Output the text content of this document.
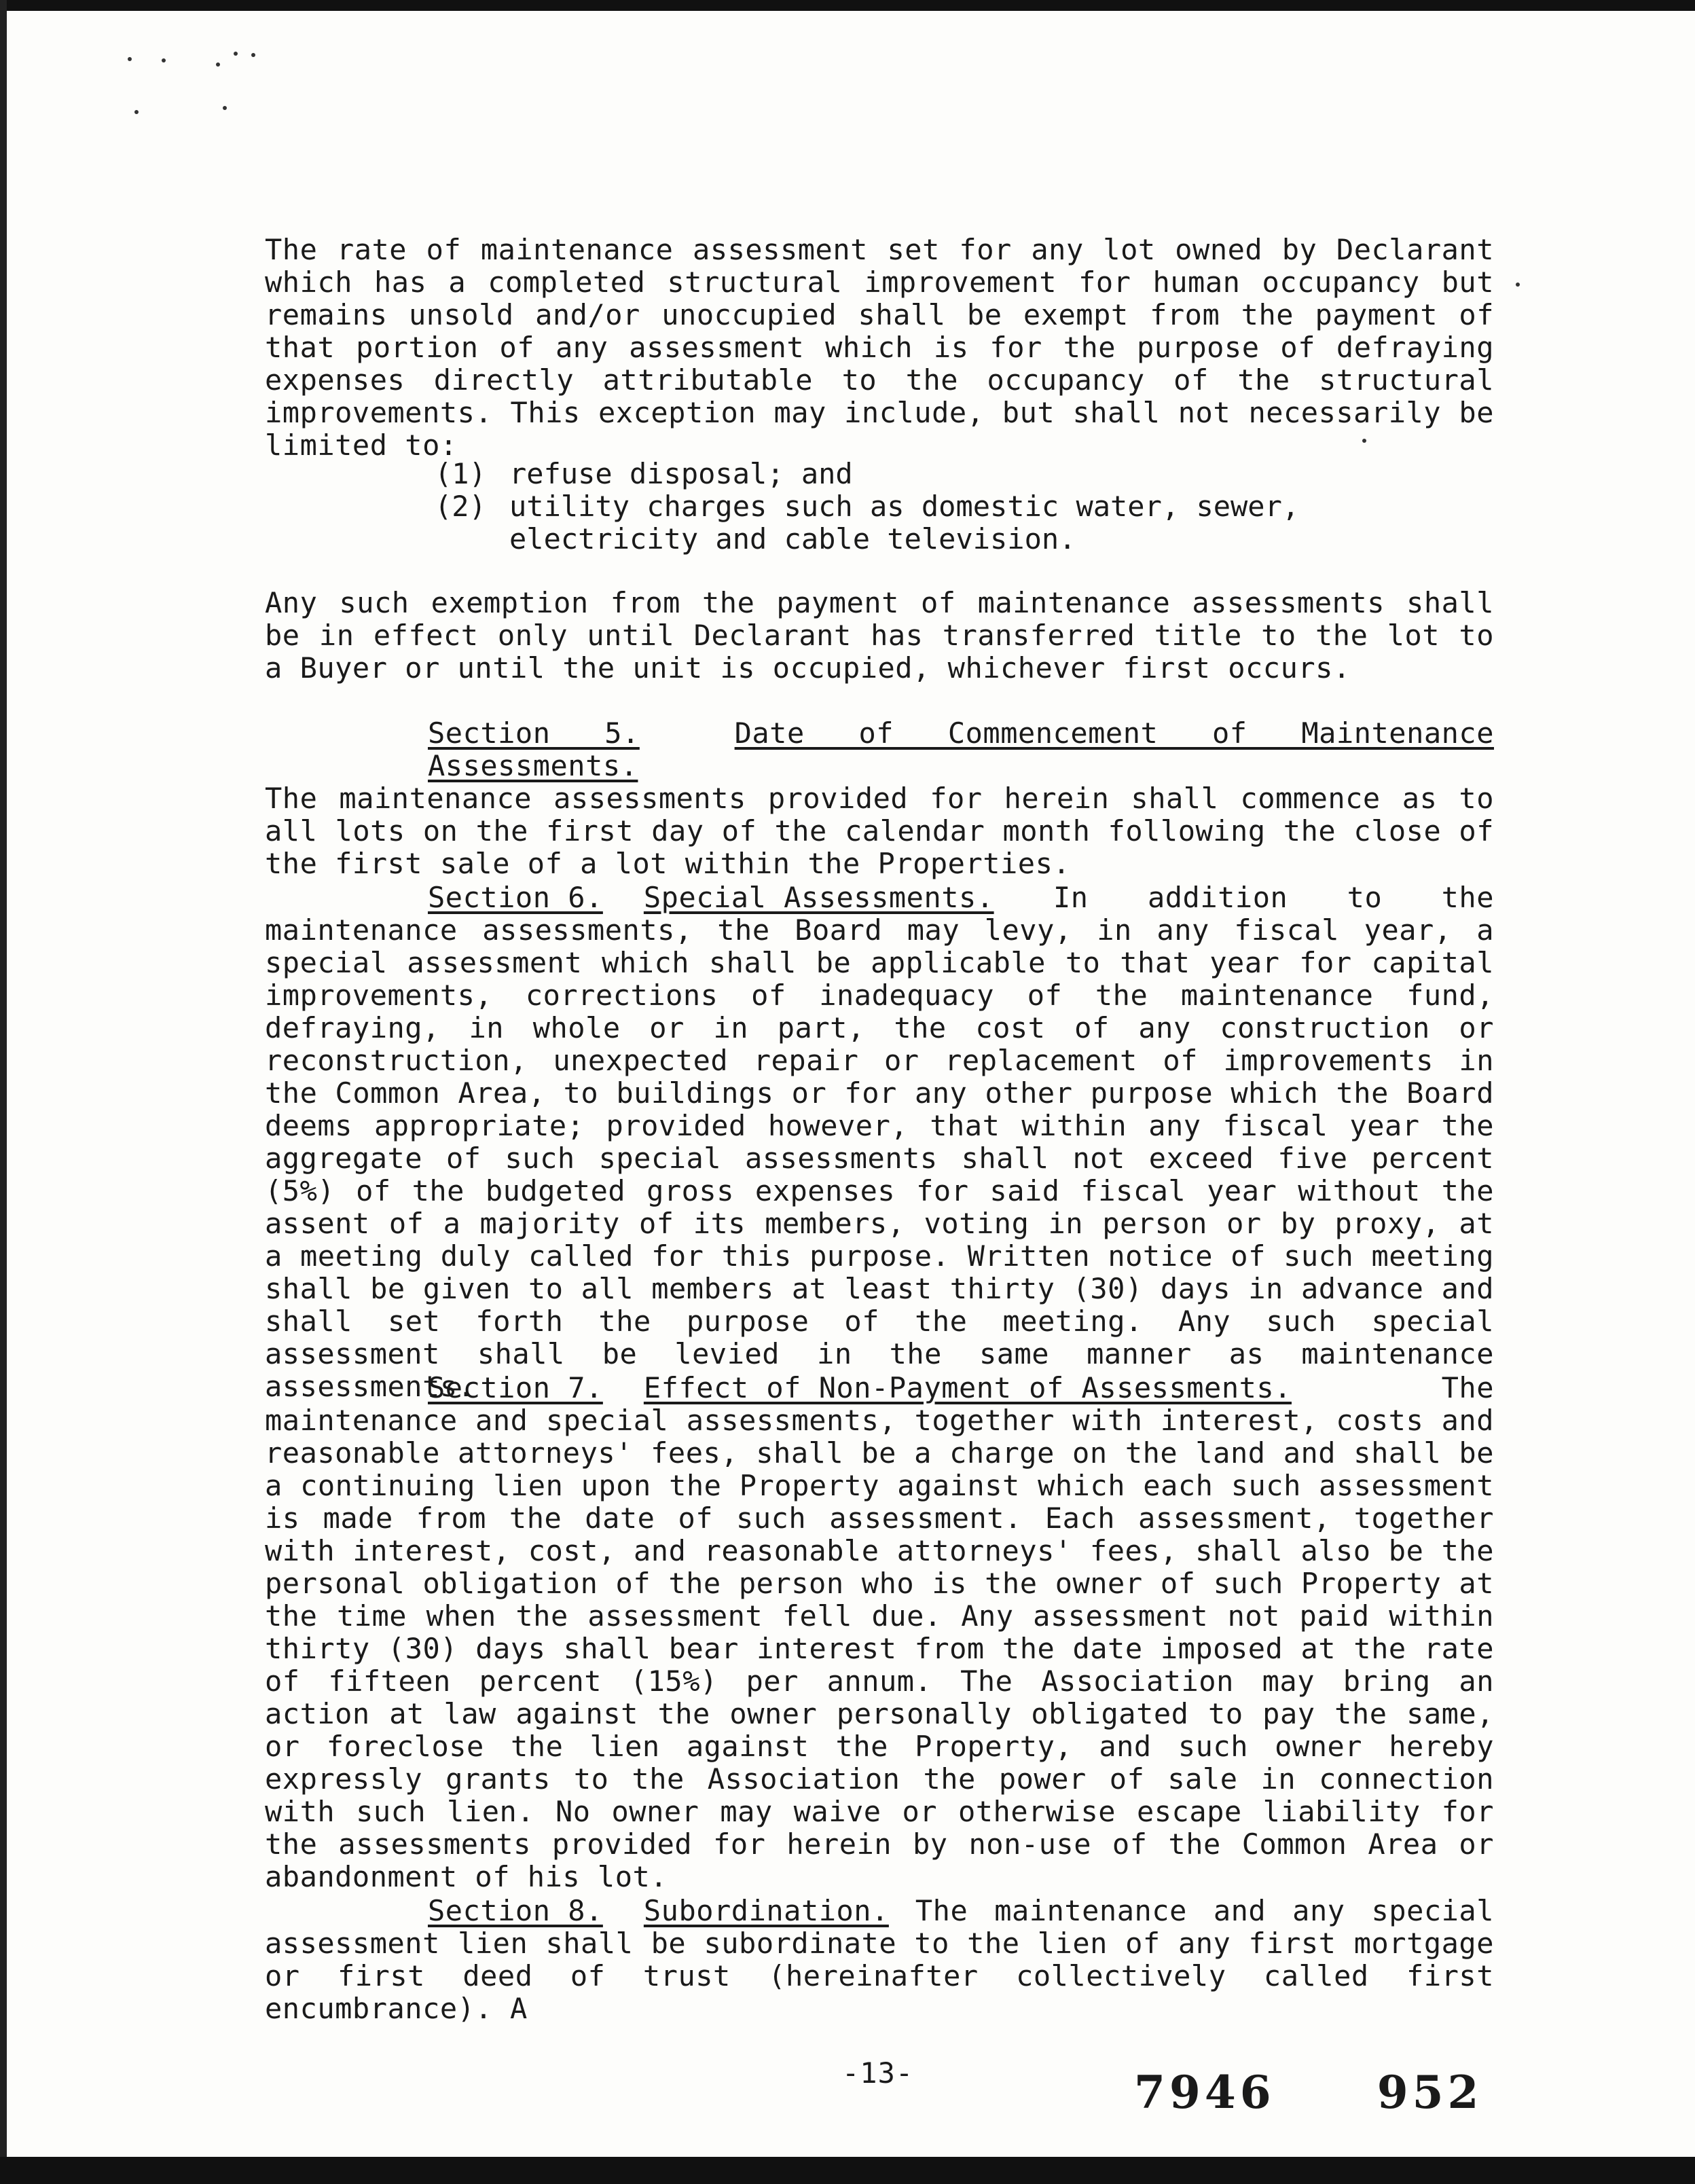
The rate of maintenance assessment set for any lot owned by Declarant which has a completed structural improvement for human occupancy but remains unsold and/or unoccupied shall be exempt from the payment of that portion of any assessment which is for the purpose of defraying expenses directly attributable to the occupancy of the structural improvements. This exception may include, but shall not necessarily be limited to:

(1) refuse disposal; and
(2) utility charges such as domestic water, sewer, electricity and cable television.

Any such exemption from the payment of maintenance assessments shall be in effect only until Declarant has transferred title to the lot to a Buyer or until the unit is occupied, whichever first occurs.

Section 5.	Date of Commencement of Maintenance Assessments.
The maintenance assessments provided for herein shall commence as to all lots on the first day of the calendar month following the close of the first sale of a lot within the Properties.
Section 6. Special Assessments. In addition to the maintenance assessments, the Board may levy, in any fiscal year, a special assessment which shall be applicable to that year for capital improvements, corrections of inadequacy of the maintenance fund, defraying, in whole or in part, the cost of any construction or reconstruction, unexpected repair or replacement of improvements in the Common Area, to buildings or for any other purpose which the Board deems appropriate; provided however, that within any fiscal year the aggregate of such special assessments shall not exceed five percent (5%) of the budgeted gross expenses for said fiscal year without the assent of a majority of its members, voting in person or by proxy, at a meeting duly called for this purpose. Written notice of such meeting shall be given to all members at least thirty (30) days in advance and shall set forth the purpose of the meeting. Any such special assessment shall be levied in the same manner as maintenance assessments.
Section 7. Effect of Non-Payment of Assessments.	The maintenance and special assessments, together with interest, costs and reasonable attorneys' fees, shall be a charge on the land and shall be a continuing lien upon the Property against which each such assessment is made from the date of such assessment. Each assessment, together with interest, cost, and reasonable attorneys' fees, shall also be the personal obligation of the person who is the owner of such Property at the time when the assessment fell due. Any assessment not paid within thirty (30) days shall bear interest from the date imposed at the rate of fifteen percent (15%) per annum. The Association may bring an action at law against the owner personally obligated to pay the same, or foreclose the lien against the Property, and such owner hereby expressly grants to the Association the power of sale in connection with such lien. No owner may waive or otherwise escape liability for the assessments provided for herein by non-use of the Common Area or abandonment of his lot.
Section 8. Subordination. The maintenance and any special assessment lien shall be subordinate to the lien of any first mortgage or first deed of trust (hereinafter collectively called first encumbrance). A
-13-	7946 952
